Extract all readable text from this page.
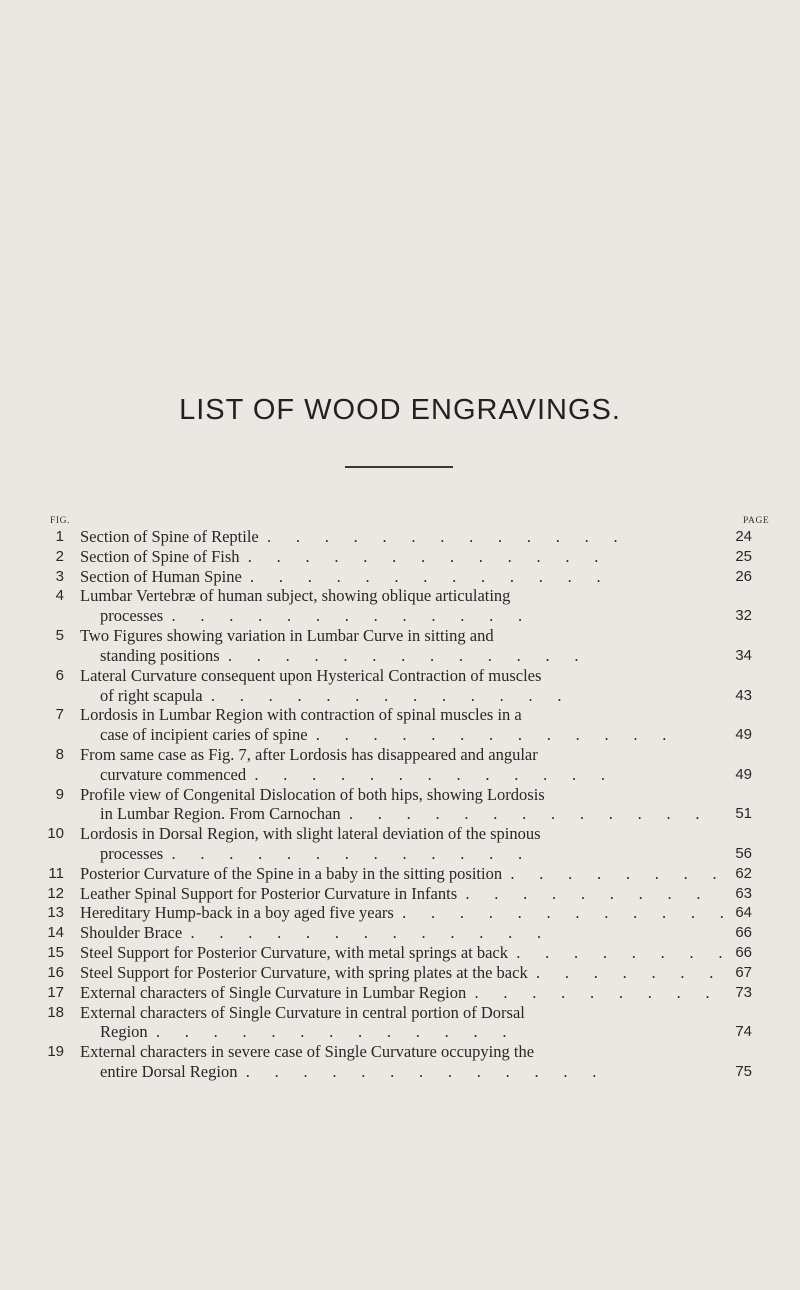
LIST OF WOOD ENGRAVINGS.
FIG.	PAGE
1 Section of Spine of Reptile  .      .      .      .      .      .      .      .      .      .      .      .      .	24
2 Section of Spine of Fish  .      .      .      .      .      .      .      .      .      .      .      .      .	25
3 Section of Human Spine  .      .      .      .      .      .      .      .      .      .      .      .      .	26
4 Lumbar Vertebræ of human subject, showing oblique articulating
processes  .      .      .      .      .      .      .      .      .      .      .      .      .	32
5 Two Figures showing variation in Lumbar Curve in sitting and
standing positions  .      .      .      .      .      .      .      .      .      .      .      .      .	34
6 Lateral Curvature consequent upon Hysterical Contraction of muscles
of right scapula  .      .      .      .      .      .      .      .      .      .      .      .      .	43
7 Lordosis in Lumbar Region with contraction of spinal muscles in a
case of incipient caries of spine  .      .      .      .      .      .      .      .      .      .      .      .      .	49
8 From same case as Fig. 7, after Lordosis has disappeared and angular
curvature commenced  .      .      .      .      .      .      .      .      .      .      .      .      .	49
9 Profile view of Congenital Dislocation of both hips, showing Lordosis
in Lumbar Region. From Carnochan  .      .      .      .      .      .      .      .      .      .      .      .      .	51
10 Lordosis in Dorsal Region, with slight lateral deviation of the spinous
processes  .      .      .      .      .      .      .      .      .      .      .      .      .	56
11 Posterior Curvature of the Spine in a baby in the sitting position  .      .      .      .      .      .      .      . 62
12 Leather Spinal Support for Posterior Curvature in Infants  .      .      .      .      .      .      .      .      . 63
13 Hereditary Hump-back in a boy aged five years  .      .      .      .      .      .      .      .      .      .      .      . 64
14 Shoulder Brace  .      .      .      .      .      .      .      .      .      .      .      .      .	66
15 Steel Support for Posterior Curvature, with metal springs at back  .      .      .      .      .      .      .      . 66
16 Steel Support for Posterior Curvature, with spring plates at the back  .      .      .      .      .      .      . 67
17 External characters of Single Curvature in Lumbar Region  .      .      .      .      .      .      .      .      . 73
18 External characters of Single Curvature in central portion of Dorsal
Region  .      .      .      .      .      .      .      .      .      .      .      .      .	74
19 External characters in severe case of Single Curvature occupying the
entire Dorsal Region  .      .      .      .      .      .      .      .      .      .      .      .      .	75
